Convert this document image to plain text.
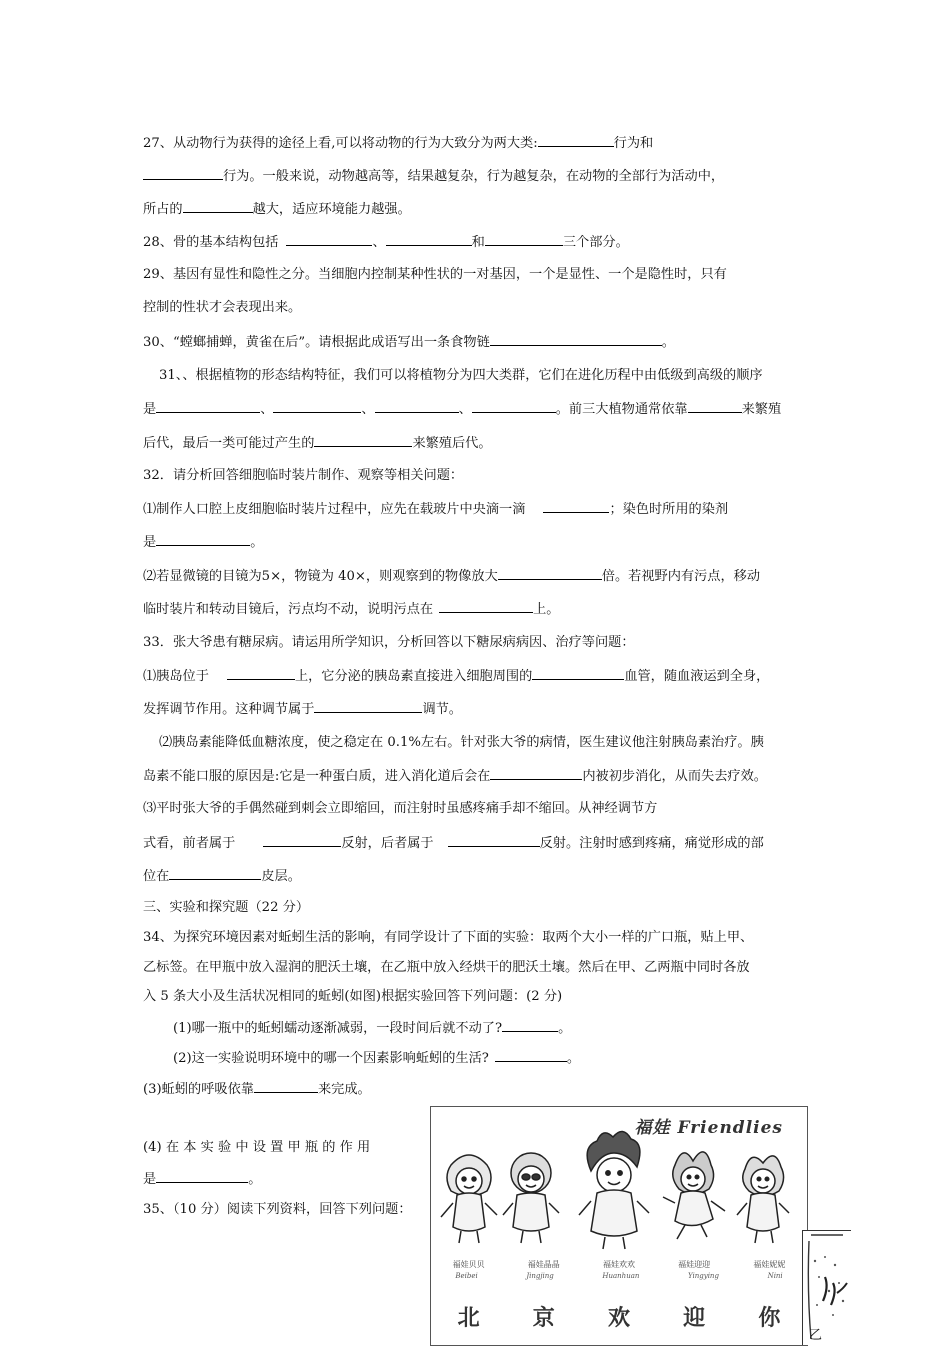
27、从动物行为获得的途径上看,可以将动物的行为大致分为两大类:	行为和
行为。一般来说，动物越高等，结果越复杂，行为越复杂，在动物的全部行为活动中，
所占的	越大，适应环境能力越强。
28、骨的基本结构包括	、	和	三个部分。
29、基因有显性和隐性之分。当细胞内控制某种性状的一对基因，一个是显性、一个是隐性时，只有
控制的性状才会表现出来。
30、“螳螂捕蝉，黄雀在后”。请根据此成语写出一条食物链	。
31、、根据植物的形态结构特征，我们可以将植物分为四大类群，它们在进化历程中由低级到高级的顺序
是	、	、	、	。前三大植物通常依靠	来繁殖
后代，最后一类可能过产生的	来繁殖后代。
32．请分析回答细胞临时装片制作、观察等相关问题：
⑴制作人口腔上皮细胞临时装片过程中，应先在载玻片中央滴一滴	；染色时所用的染剂
是	。
⑵若显微镜的目镜为5×，物镜为 40×，则观察到的物像放大	倍。若视野内有污点，移动
临时装片和转动目镜后，污点均不动，说明污点在	上。
33．张大爷患有糖尿病。请运用所学知识，分析回答以下糖尿病病因、治疗等问题：
⑴胰岛位于	上，它分泌的胰岛素直接进入细胞周围的	血管，随血液运到全身，
发挥调节作用。这种调节属于	调节。
⑵胰岛素能降低血糖浓度，使之稳定在 0.1%左右。针对张大爷的病情，医生建议他注射胰岛素治疗。胰
岛素不能口服的原因是:它是一种蛋白质，进入消化道后会在	内被初步消化，从而失去疗效。
⑶平时张大爷的手偶然碰到刺会立即缩回，而注射时虽感疼痛手却不缩回。从神经调节方
式看，前者属于	反射，后者属于	反射。注射时感到疼痛，痛觉形成的部
位在	皮层。
三、实验和探究题（22 分）
34、为探究环境因素对蚯蚓生活的影响，有同学设计了下面的实验：取两个大小一样的广口瓶，贴上甲、
乙标签。在甲瓶中放入湿润的肥沃土壤，在乙瓶中放入经烘干的肥沃土壤。然后在甲、乙两瓶中同时各放
入 5 条大小及生活状况相同的蚯蚓(如图)根据实验回答下列问题：(2 分)
(1)哪一瓶中的蚯蚓蠕动逐渐减弱，一段时间后就不动了?	。
(2)这一实验说明环境中的哪一个因素影响蚯蚓的生活?	。
(3)蚯蚓的呼吸依靠	来完成。
(4) 在 本 实 验 中 设 置 甲 瓶 的 作 用
是	。
35、（10 分）阅读下列资料，回答下列问题：
福娃 Friendlies
福娃贝贝	福娃晶晶	福娃欢欢	福娃迎迎	福娃妮妮
Beibei	Jingjing	Huanhuan	Yingying	Nini
北 京 欢 迎 你
乙
